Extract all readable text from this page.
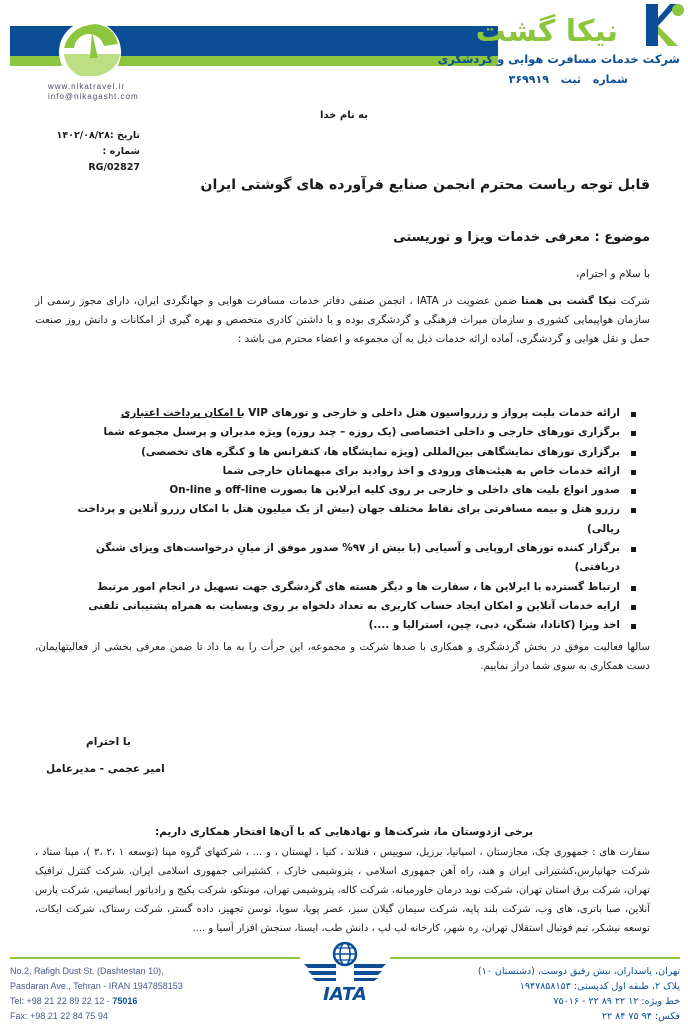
www.nikatravel.ir
info@nikagasht.com
نیکا گشت
شرکت خدمات مسافرت هوایی و گردشگری
شماره ثبت ۳۶۹۹۱۹
به نام خدا
تاریخ :۱۴۰۲/۰۸/۲۸
شماره : RG/02827
قابل توجه ریاست محترم انجمن صنایع فرآورده های گوشتی ایران
موضوع : معرفی خدمات ویزا و توریستی
با سلام و احترام،
شرکت نیکا گشت بی همتا ضمن عضویت در IATA ، انجمن صنفی دفاتر خدمات مسافرت هوایی و جهانگردی ایران، دارای مجوز رسمی از سازمان هواپیمایی کشوری و سازمان میراث فرهنگی و گردشگری بوده و با داشتن کادری متخصص و بهره گیری از امکانات و دانش روز صنعت حمل و نقل هوایی و گردشگری، آماده ارائه خدمات ذیل به آن مجموعه و اعضاء محترم می باشد :
ارائه خدمات بلیت پرواز و رزرواسیون هتل داخلی و خارجی و تورهای VIP با امکان پرداخت اعتباری
برگزاری تورهای خارجی و داخلی اختصاصی (یک روزه – چند روزه) ویژه مدیران و پرسنل مجموعه شما
برگزاری تورهای نمایشگاهی بین‌المللی (ویژه نمایشگاه ها، کنفرانس ها و کنگره های تخصصی)
ارائه خدمات خاص به هیئت‌های ورودی و اخذ روادید برای میهمانان خارجی شما
صدور انواع بلیت های داخلی و خارجی بر روی کلیه ایرلاین ها بصورت off-line و On-line
رزرو هتل و بیمه مسافرتی برای نقاط مختلف جهان (بیش از یک میلیون هتل با امکان رزرو آنلاین و پرداخت ریالی)
برگزار کننده تورهای اروپایی و آسیایی (با بیش از ۹۷% صدور موفق از میانِ درخواست‌های ویزای شنگن دریافتی)
ارتباط گسترده با ایرلاین ها ، سفارت ها و دیگر هسته های گردشگری جهت تسهیل در انجام امور مرتبط
ارایه خدمات آنلاین و امکان ایجاد حساب کاربری به تعداد دلخواه بر روی وبسایت به همراه پشتیبانی تلفنی
اخذ ویزا (کانادا، شنگن، دبی، چین، استرالیا و ....)
سالها فعالیت موفق در بخش گردشگری و همکاری با صدها شرکت و مجموعه، این جرأت را به ما داد تا ضمن معرفی بخشی از فعالیتهایمان، دست همکاری به سوی شما دراز نماییم.
با احترام
امیر عجمی - مدیرعامل
برخی ازدوستان ما، شرکت‌ها و نهادهایی که با آن‌ها افتخار همکاری داریم:
سفارت های : جمهوری چک، مجارستان ، اسپانیا، برزیل، سوییس ، فنلاند ، کنیا ، لهستان ، و ... ، شرکتهای گروه مپنا (توسعه ۱ ،۲ ،۳ )، مپنا ستاد ، شرکت جهانپارس،کشتیرانی ایران و هند، راه آهن جمهوری اسلامی ، پتروشیمی خارک ، کشتیرانی جمهوری اسلامی ایران، شرکت کنترل ترافیک تهران، شرکت برق استان تهران، شرکت نوید درمان خاورمیانه، شرکت کاله، پتروشیمی تهران، مونتکو، شرکت پکیج و رادیاتور ایساتیس، شرکت پارس آنلاین، صبا باتری، های وب، شرکت بلند پایه، شرکت سیمان گیلان سبز، عصر پویا، سوپا، توسن تجهیز، داده گستر، شرکت رستاک، شرکت ایکات، توسعه نیشکر، تیم فوتبال استقلال تهران، ره شهر، کارخانه لپ لپ ، دانش طب، ایستا، سنجش افزار آسیا و ....
IATA
No.2, Rafigh Dust St. (Dashtestan 10),
Pasdaran Ave., Tehran - IRAN 1947858153
Tel: +98 21 22 89 22 12 - 75016
Fax: +98 21 22 84 75 94
تهران، پاسداران، نبش رفیق دوست، (دشتستان ۱۰)
پلاک ۲، طبقه اول کدپستی: ۱۹۴۷۸۵۸۱۵۳
خط ویژه: ۱۲ ۲۲ ۸۹ ۲۲ - ۷۵۰۱۶
فکس: ۹۴ ۷۵ ۸۴ ۲۲
